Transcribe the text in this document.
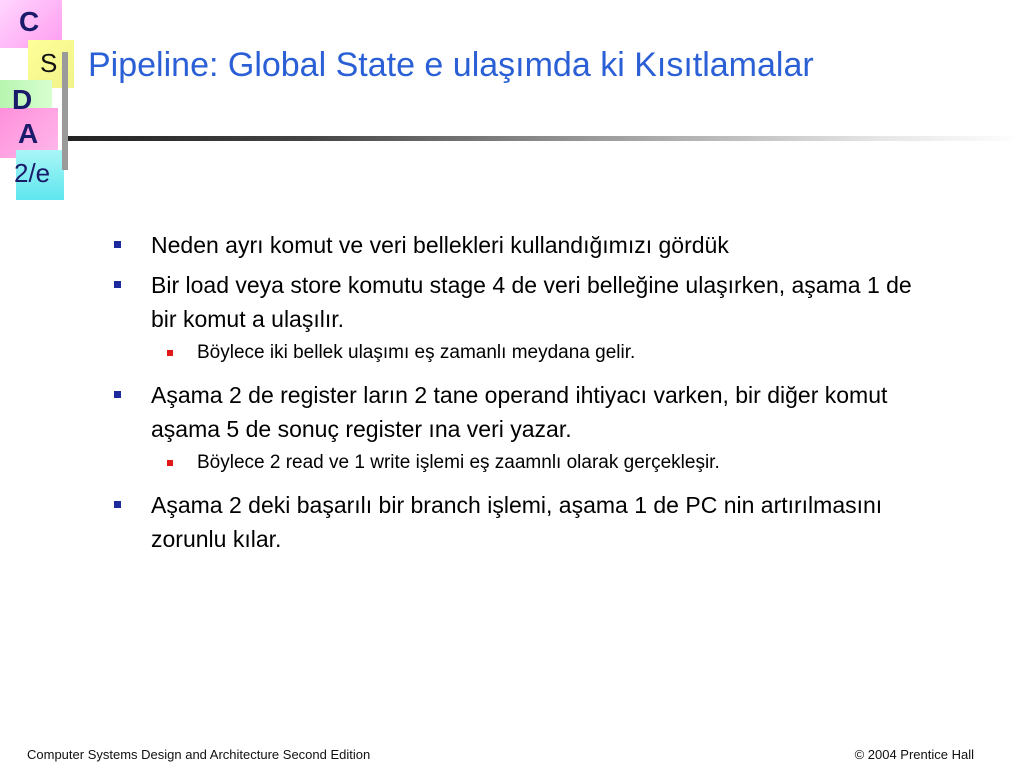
C
S
D
A
2/e
Pipeline: Global State e ulaşımda ki Kısıtlamalar
Neden ayrı komut ve veri bellekleri kullandığımızı gördük
Bir load veya store komutu stage 4 de veri belleğine ulaşırken, aşama 1 de bir komut a ulaşılır.
Böylece iki bellek ulaşımı eş zamanlı meydana gelir.
Aşama 2 de register ların 2 tane operand ihtiyacı varken, bir diğer komut aşama 5 de sonuç register ına veri yazar.
Böylece 2 read ve 1 write işlemi eş zaamnlı olarak gerçekleşir.
Aşama 2 deki başarılı bir branch işlemi, aşama 1 de PC nin artırılmasını zorunlu kılar.
Computer Systems Design and Architecture Second Edition	© 2004 Prentice Hall
